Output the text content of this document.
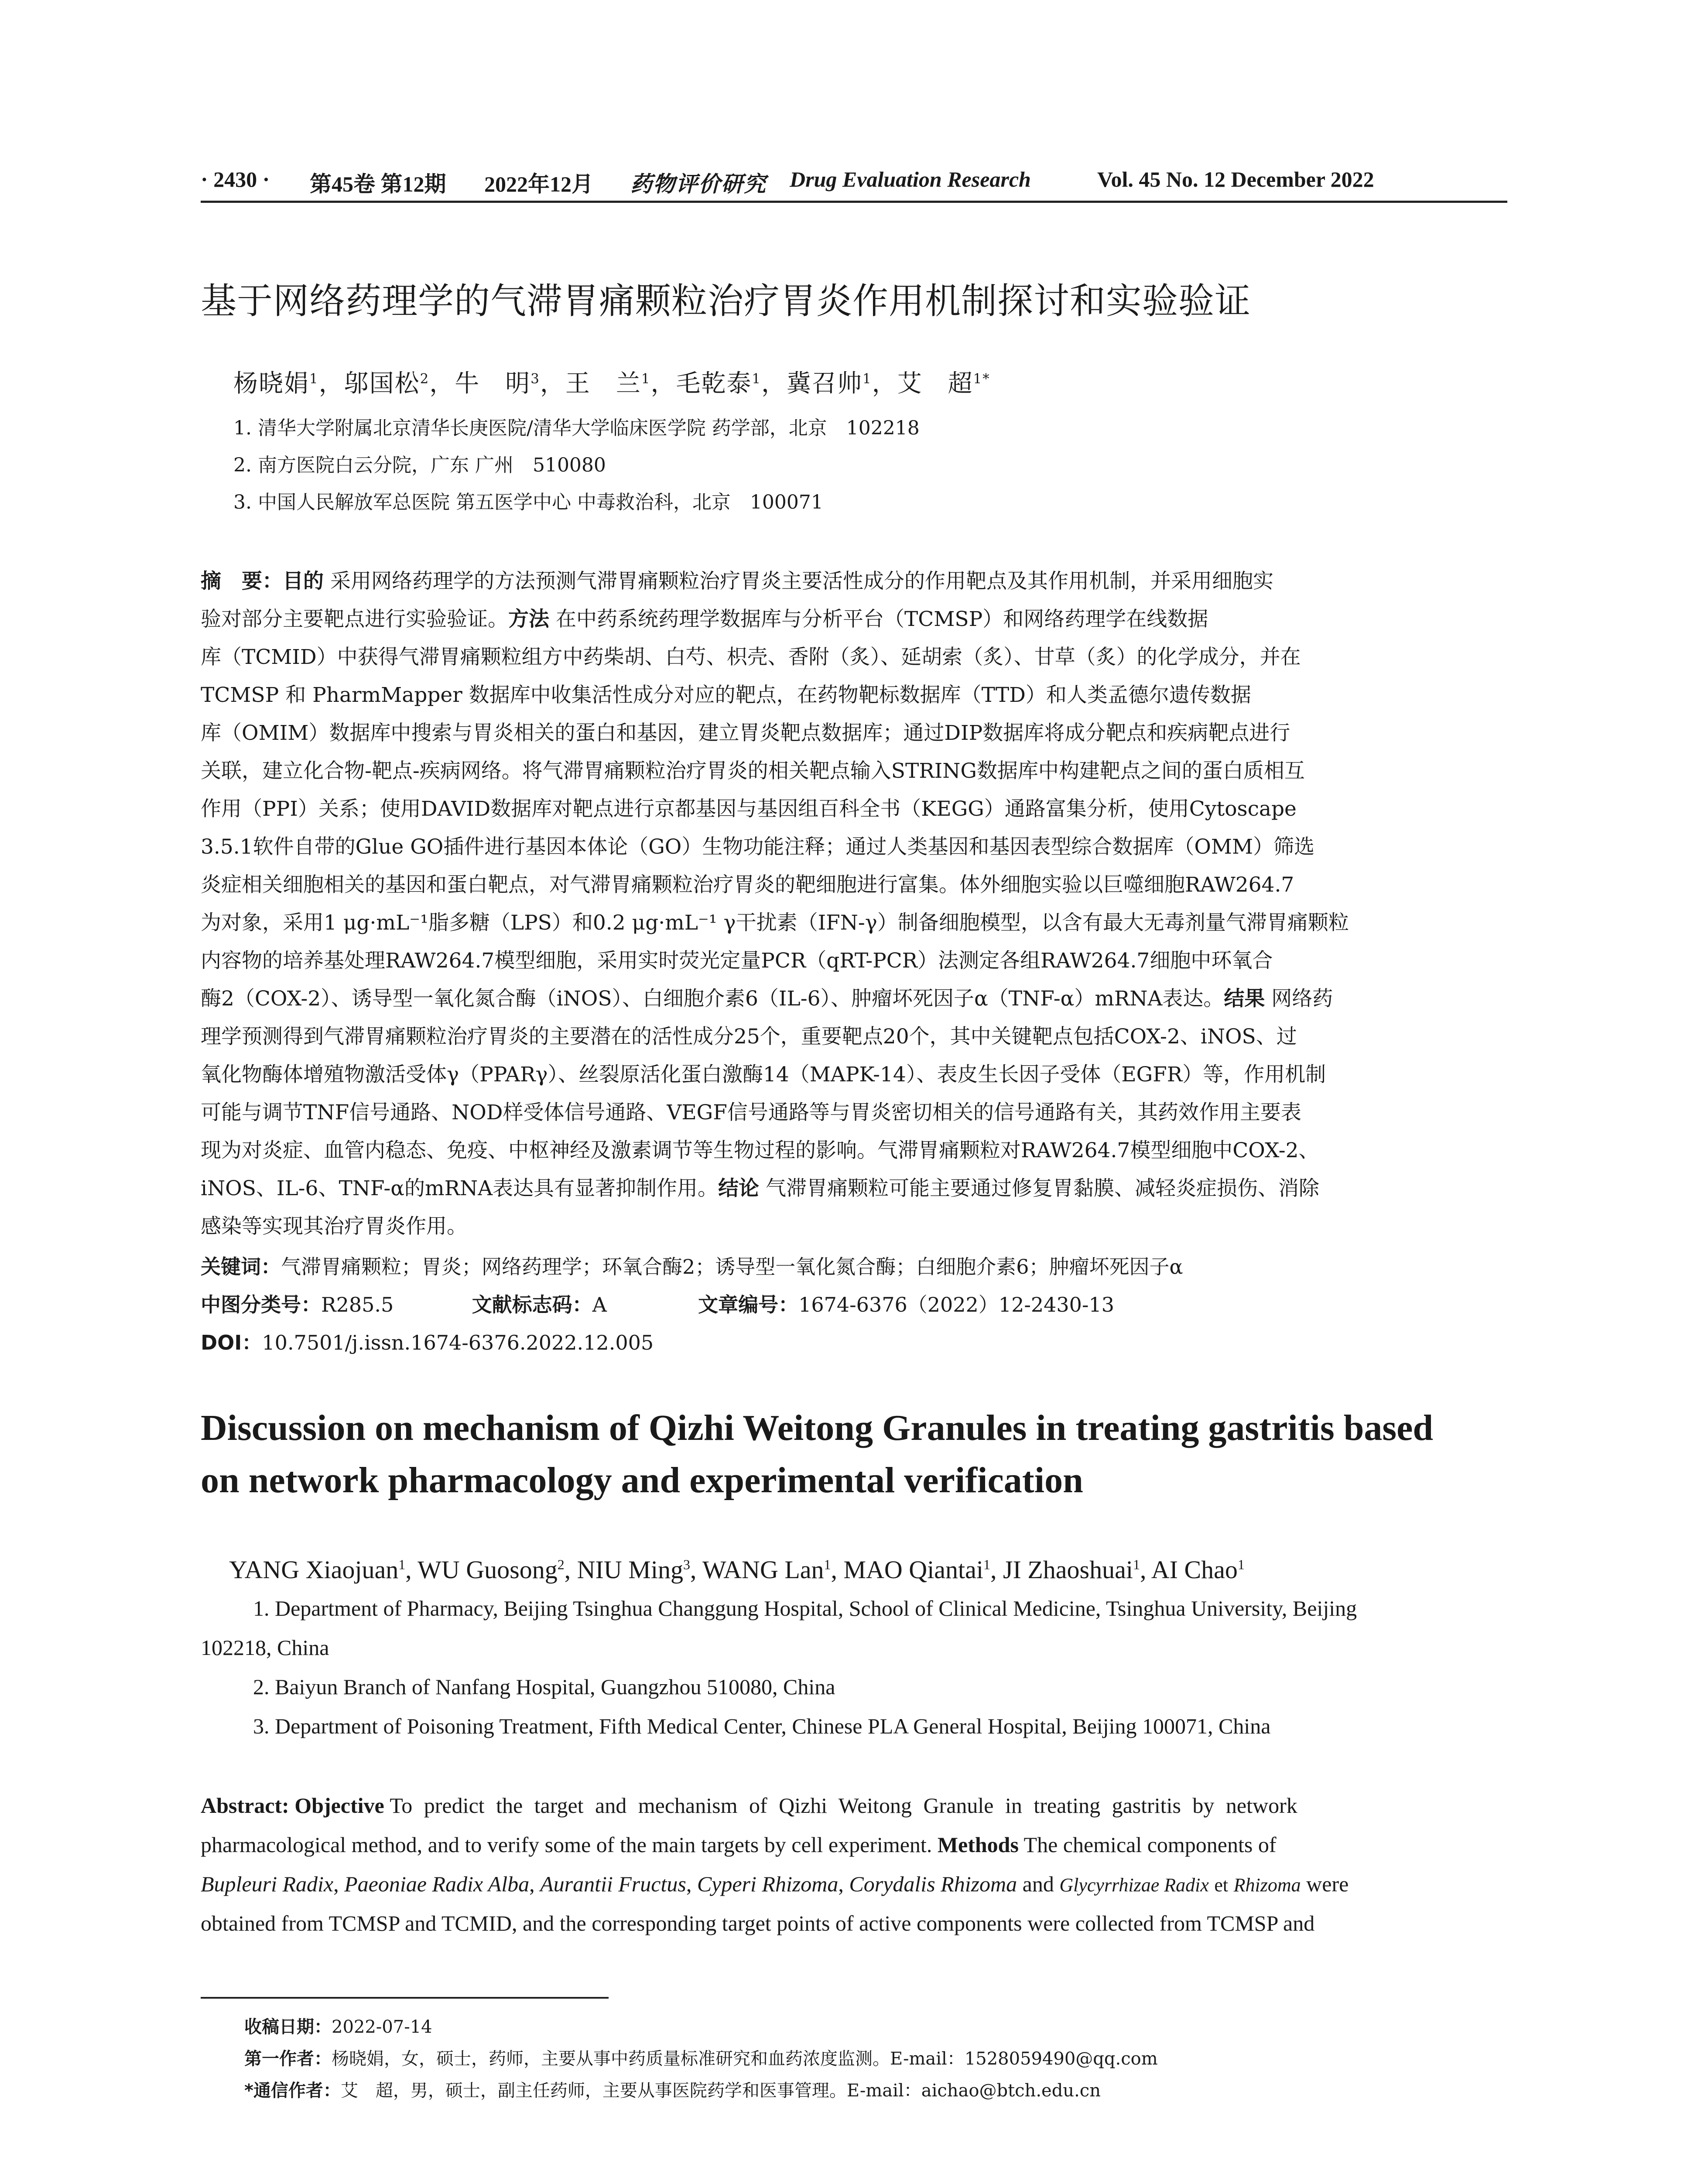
· 2430 · 第45卷 第12期 2022年12月 药物评价研究 Drug Evaluation Research	Vol. 45 No. 12 December 2022
基于网络药理学的气滞胃痛颗粒治疗胃炎作用机制探讨和实验验证
杨晓娟$^1$，邬国松$^2$，牛　明$^3$，王　兰$^1$，毛乾泰$^1$，冀召帅$^1$，艾　超$^{1*}$
1. 清华大学附属北京清华长庚医院/清华大学临床医学院 药学部，北京　102218
2. 南方医院白云分院，广东 广州　510080
3. 中国人民解放军总医院 第五医学中心 中毒救治科，北京　100071
摘　要：目的 采用网络药理学的方法预测气滞胃痛颗粒治疗胃炎主要活性成分的作用靶点及其作用机制，并采用细胞实
验对部分主要靶点进行实验验证。方法 在中药系统药理学数据库与分析平台（TCMSP）和网络药理学在线数据
库（TCMID）中获得气滞胃痛颗粒组方中药柴胡、白芍、枳壳、香附（炙）、延胡索（炙）、甘草（炙）的化学成分，并在
TCMSP 和 PharmMapper 数据库中收集活性成分对应的靶点，在药物靶标数据库（TTD）和人类孟德尔遗传数据
库（OMIM）数据库中搜索与胃炎相关的蛋白和基因，建立胃炎靶点数据库；通过DIP数据库将成分靶点和疾病靶点进行
关联，建立化合物-靶点-疾病网络。将气滞胃痛颗粒治疗胃炎的相关靶点输入STRING数据库中构建靶点之间的蛋白质相互
作用（PPI）关系；使用DAVID数据库对靶点进行京都基因与基因组百科全书（KEGG）通路富集分析，使用Cytoscape
3.5.1软件自带的Glue GO插件进行基因本体论（GO）生物功能注释；通过人类基因和基因表型综合数据库（OMM）筛选
炎症相关细胞相关的基因和蛋白靶点，对气滞胃痛颗粒治疗胃炎的靶细胞进行富集。体外细胞实验以巨噬细胞RAW264.7
为对象，采用1 μg·mL⁻¹脂多糖（LPS）和0.2 μg·mL⁻¹ γ干扰素（IFN-γ）制备细胞模型，以含有最大无毒剂量气滞胃痛颗粒
内容物的培养基处理RAW264.7模型细胞，采用实时荧光定量PCR（qRT-PCR）法测定各组RAW264.7细胞中环氧合
酶2（COX-2）、诱导型一氧化氮合酶（iNOS）、白细胞介素6（IL-6）、肿瘤坏死因子α（TNF-α）mRNA表达。结果 网络药
理学预测得到气滞胃痛颗粒治疗胃炎的主要潜在的活性成分25个，重要靶点20个，其中关键靶点包括COX-2、iNOS、过
氧化物酶体增殖物激活受体γ（PPARγ）、丝裂原活化蛋白激酶14（MAPK-14）、表皮生长因子受体（EGFR）等，作用机制
可能与调节TNF信号通路、NOD样受体信号通路、VEGF信号通路等与胃炎密切相关的信号通路有关，其药效作用主要表
现为对炎症、血管内稳态、免疫、中枢神经及激素调节等生物过程的影响。气滞胃痛颗粒对RAW264.7模型细胞中COX-2、
iNOS、IL-6、TNF-α的mRNA表达具有显著抑制作用。结论 气滞胃痛颗粒可能主要通过修复胃黏膜、减轻炎症损伤、消除
感染等实现其治疗胃炎作用。
关键词：气滞胃痛颗粒；胃炎；网络药理学；环氧合酶2；诱导型一氧化氮合酶；白细胞介素6；肿瘤坏死因子α
中图分类号：R285.5	文献标志码：A	文章编号：1674-6376（2022）12-2430-13
DOI：10.7501/j.issn.1674-6376.2022.12.005
Discussion on mechanism of Qizhi Weitong Granules in treating gastritis based
on network pharmacology and experimental verification
YANG Xiaojuan$^1$, WU Guosong$^2$, NIU Ming$^3$, WANG Lan$^1$, MAO Qiantai$^1$, JI Zhaoshuai$^1$, AI Chao$^1$
1. Department of Pharmacy, Beijing Tsinghua Changgung Hospital, School of Clinical Medicine, Tsinghua University, Beijing
102218, China
2. Baiyun Branch of Nanfang Hospital, Guangzhou 510080, China
3. Department of Poisoning Treatment, Fifth Medical Center, Chinese PLA General Hospital, Beijing 100071, China
Abstract: Objective To predict the target and mechanism of Qizhi Weitong Granule in treating gastritis by network
pharmacological method, and to verify some of the main targets by cell experiment. Methods The chemical components of
Bupleuri Radix, Paeoniae Radix Alba, Aurantii Fructus, Cyperi Rhizoma, Corydalis Rhizoma and Glycyrrhizae Radix et Rhizoma were
obtained from TCMSP and TCMID, and the corresponding target points of active components were collected from TCMSP and
收稿日期：2022-07-14
第一作者：杨晓娟，女，硕士，药师，主要从事中药质量标准研究和血药浓度监测。E-mail：1528059490@qq.com
*通信作者：艾　超，男，硕士，副主任药师，主要从事医院药学和医事管理。E-mail：aichao@btch.edu.cn
